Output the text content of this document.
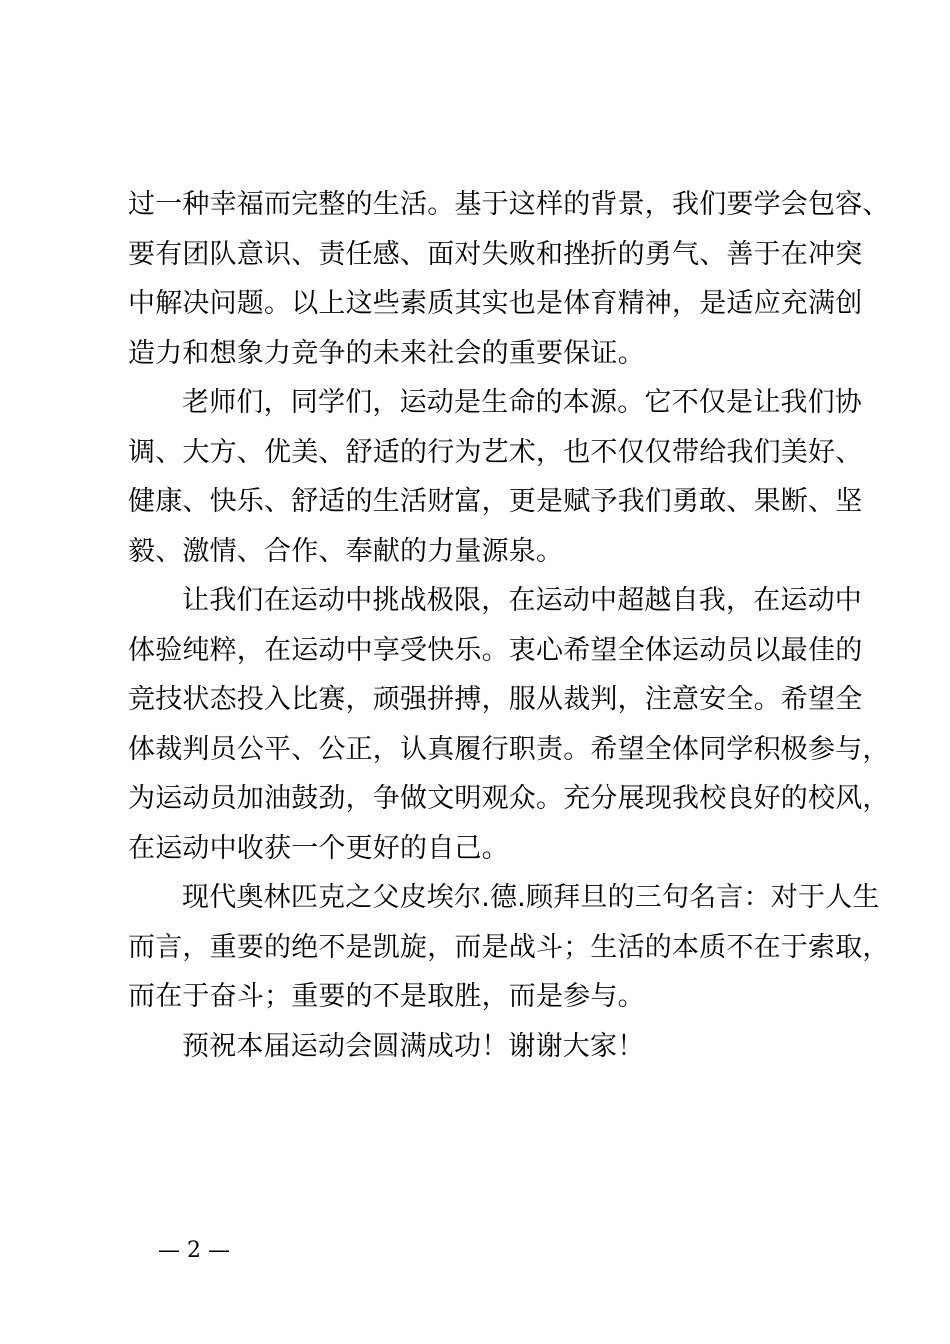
过一种幸福而完整的生活。基于这样的背景，我们要学会包容、
要有团队意识、责任感、面对失败和挫折的勇气、善于在冲突
中解决问题。以上这些素质其实也是体育精神，是适应充满创
造力和想象力竞争的未来社会的重要保证。
老师们，同学们，运动是生命的本源。它不仅是让我们协
调、大方、优美、舒适的行为艺术，也不仅仅带给我们美好、
健康、快乐、舒适的生活财富，更是赋予我们勇敢、果断、坚
毅、激情、合作、奉献的力量源泉。
让我们在运动中挑战极限，在运动中超越自我，在运动中
体验纯粹，在运动中享受快乐。衷心希望全体运动员以最佳的
竞技状态投入比赛，顽强拼搏，服从裁判，注意安全。希望全
体裁判员公平、公正，认真履行职责。希望全体同学积极参与，
为运动员加油鼓劲，争做文明观众。充分展现我校良好的校风，
在运动中收获一个更好的自己。
现代奥林匹克之父皮埃尔.德.顾拜旦的三句名言：对于人生
而言，重要的绝不是凯旋，而是战斗；生活的本质不在于索取，
而在于奋斗；重要的不是取胜，而是参与。
预祝本届运动会圆满成功！谢谢大家！
— 2 —
